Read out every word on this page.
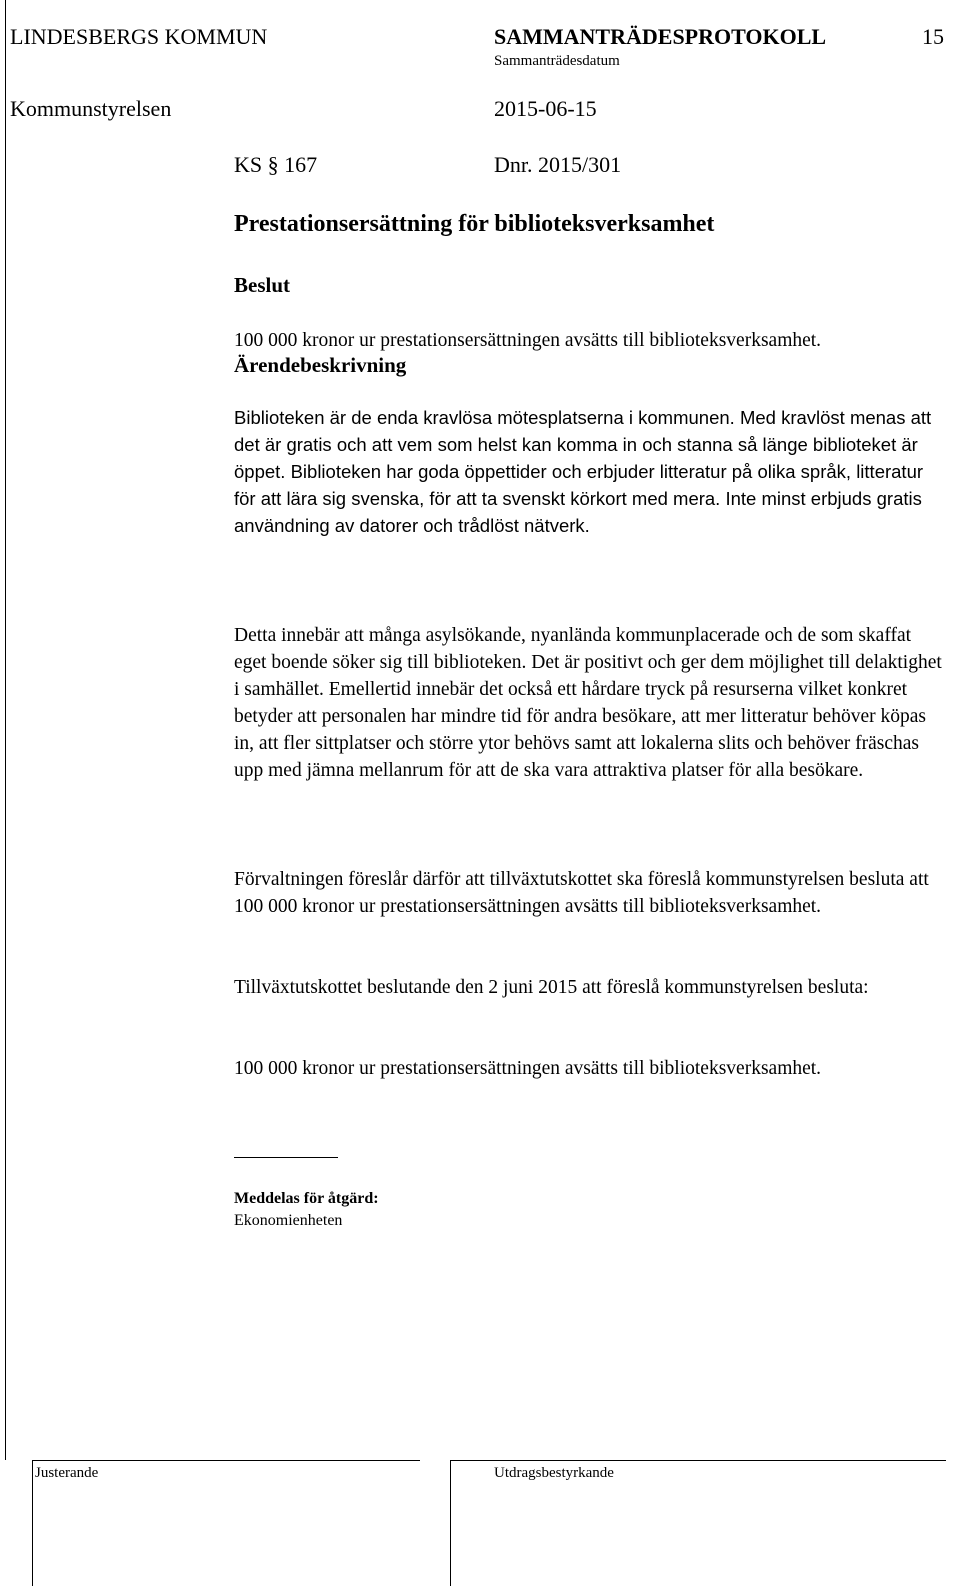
LINDESBERGS KOMMUN	SAMMANTRÄDESPROTOKOLL	15
Sammanträdesdatum
Kommunstyrelsen	2015-06-15
KS § 167	Dnr. 2015/301
Prestationsersättning för biblioteksverksamhet
Beslut
100 000 kronor ur prestationsersättningen avsätts till biblioteksverksamhet.
Ärendebeskrivning
Biblioteken är de enda kravlösa mötesplatserna i kommunen. Med kravlöst menas att det är gratis och att vem som helst kan komma in och stanna så länge biblioteket är öppet. Biblioteken har goda öppettider och erbjuder litteratur på olika språk, litteratur för att lära sig svenska, för att ta svenskt körkort med mera. Inte minst erbjuds gratis användning av datorer och trådlöst nätverk.
Detta innebär att många asylsökande, nyanlända kommunplacerade och de som skaffat eget boende söker sig till biblioteken. Det är positivt och ger dem möjlighet till delaktighet i samhället. Emellertid innebär det också ett hårdare tryck på resurserna vilket konkret betyder att personalen har mindre tid för andra besökare, att mer litteratur behöver köpas in, att fler sittplatser och större ytor behövs samt att lokalerna slits och behöver fräschas upp med jämna mellanrum för att de ska vara attraktiva platser för alla besökare.
Förvaltningen föreslår därför att tillväxtutskottet ska föreslå kommunstyrelsen besluta att 100 000 kronor ur prestationsersättningen avsätts till biblioteksverksamhet.
Tillväxtutskottet beslutande den 2 juni 2015 att föreslå kommunstyrelsen besluta:
100 000 kronor ur prestationsersättningen avsätts till biblioteksverksamhet.
Meddelas för åtgärd:
Ekonomienheten
Justerande	Utdragsbestyrkande
